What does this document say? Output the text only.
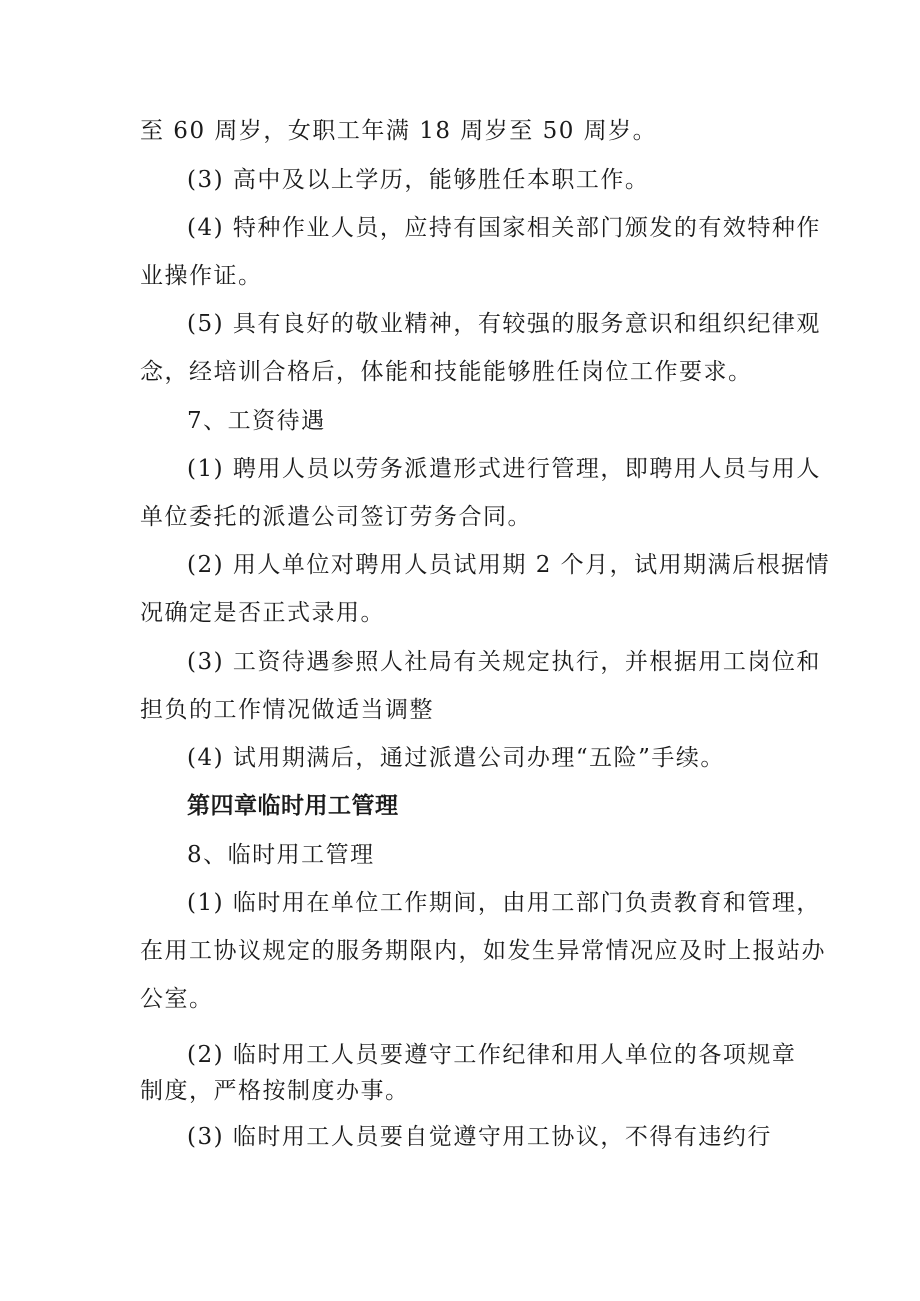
至 60 周岁，女职工年满 18 周岁至 50 周岁。
(3) 高中及以上学历，能够胜任本职工作。
(4) 特种作业人员，应持有国家相关部门颁发的有效特种作
业操作证。
(5) 具有良好的敬业精神，有较强的服务意识和组织纪律观
念，经培训合格后，体能和技能能够胜任岗位工作要求。
7、工资待遇
(1) 聘用人员以劳务派遣形式进行管理，即聘用人员与用人
单位委托的派遣公司签订劳务合同。
(2) 用人单位对聘用人员试用期 2 个月，试用期满后根据情
况确定是否正式录用。
(3) 工资待遇参照人社局有关规定执行，并根据用工岗位和
担负的工作情况做适当调整
(4) 试用期满后，通过派遣公司办理“五险”手续。
第四章临时用工管理
8、临时用工管理
(1) 临时用在单位工作期间，由用工部门负责教育和管理，
在用工协议规定的服务期限内，如发生异常情况应及时上报站办
公室。
(2) 临时用工人员要遵守工作纪律和用人单位的各项规章
制度，严格按制度办事。
(3) 临时用工人员要自觉遵守用工协议，不得有违约行
